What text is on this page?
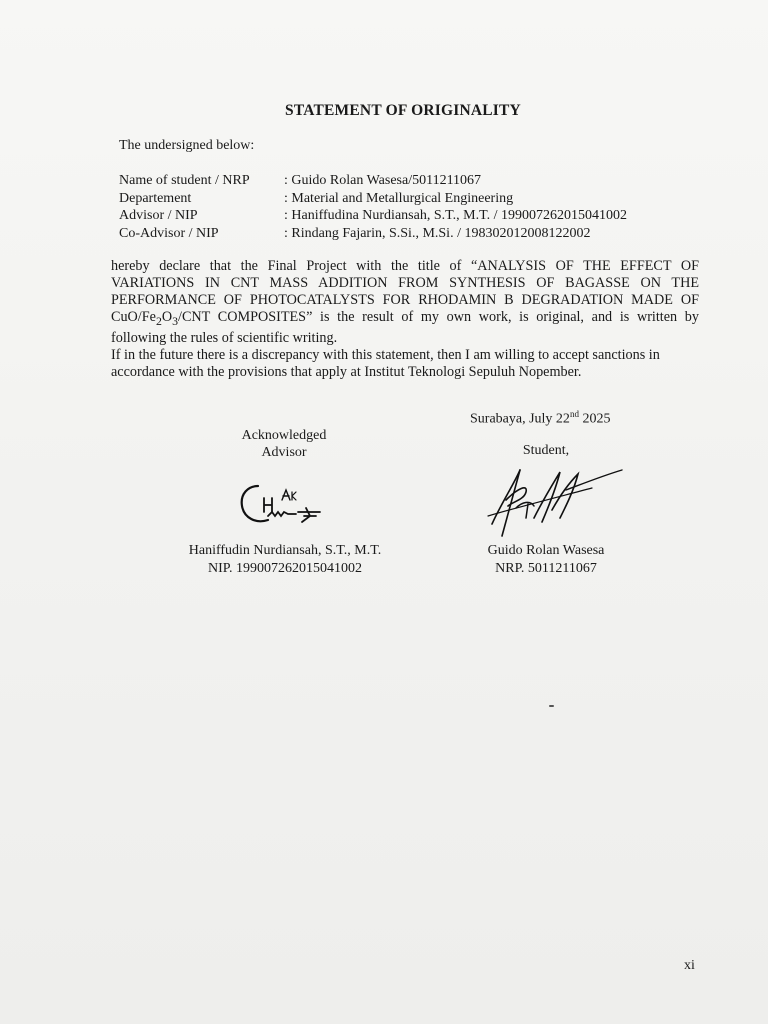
STATEMENT OF ORIGINALITY
The undersigned below:
Name of student / NRP	: Guido Rolan Wasesa/5011211067
Departement	: Material and Metallurgical Engineering
Advisor / NIP	: Haniffudina Nurdiansah, S.T., M.T. / 199007262015041002
Co-Advisor / NIP	: Rindang Fajarin, S.Si., M.Si. / 198302012008122002

hereby declare that the Final Project with the title of “ANALYSIS OF THE EFFECT OF VARIATIONS IN CNT MASS ADDITION FROM SYNTHESIS OF BAGASSE ON THE PERFORMANCE OF PHOTOCATALYSTS FOR RHODAMIN B DEGRADATION MADE OF CuO/$Fe_2O_3$/CNT COMPOSITES” is the result of my own work, is original, and is written by following the rules of scientific writing.

If in the future there is a discrepancy with this statement, then I am willing to accept sanctions in accordance with the provisions that apply at Institut Teknologi Sepuluh Nopember.

Surabaya, July 22nd 2025
Acknowledged
Advisor	Student,
Haniffudin Nurdiansah, S.T., M.T.
NIP. 199007262015041002
Guido Rolan Wasesa
NRP. 5011211067
xi
